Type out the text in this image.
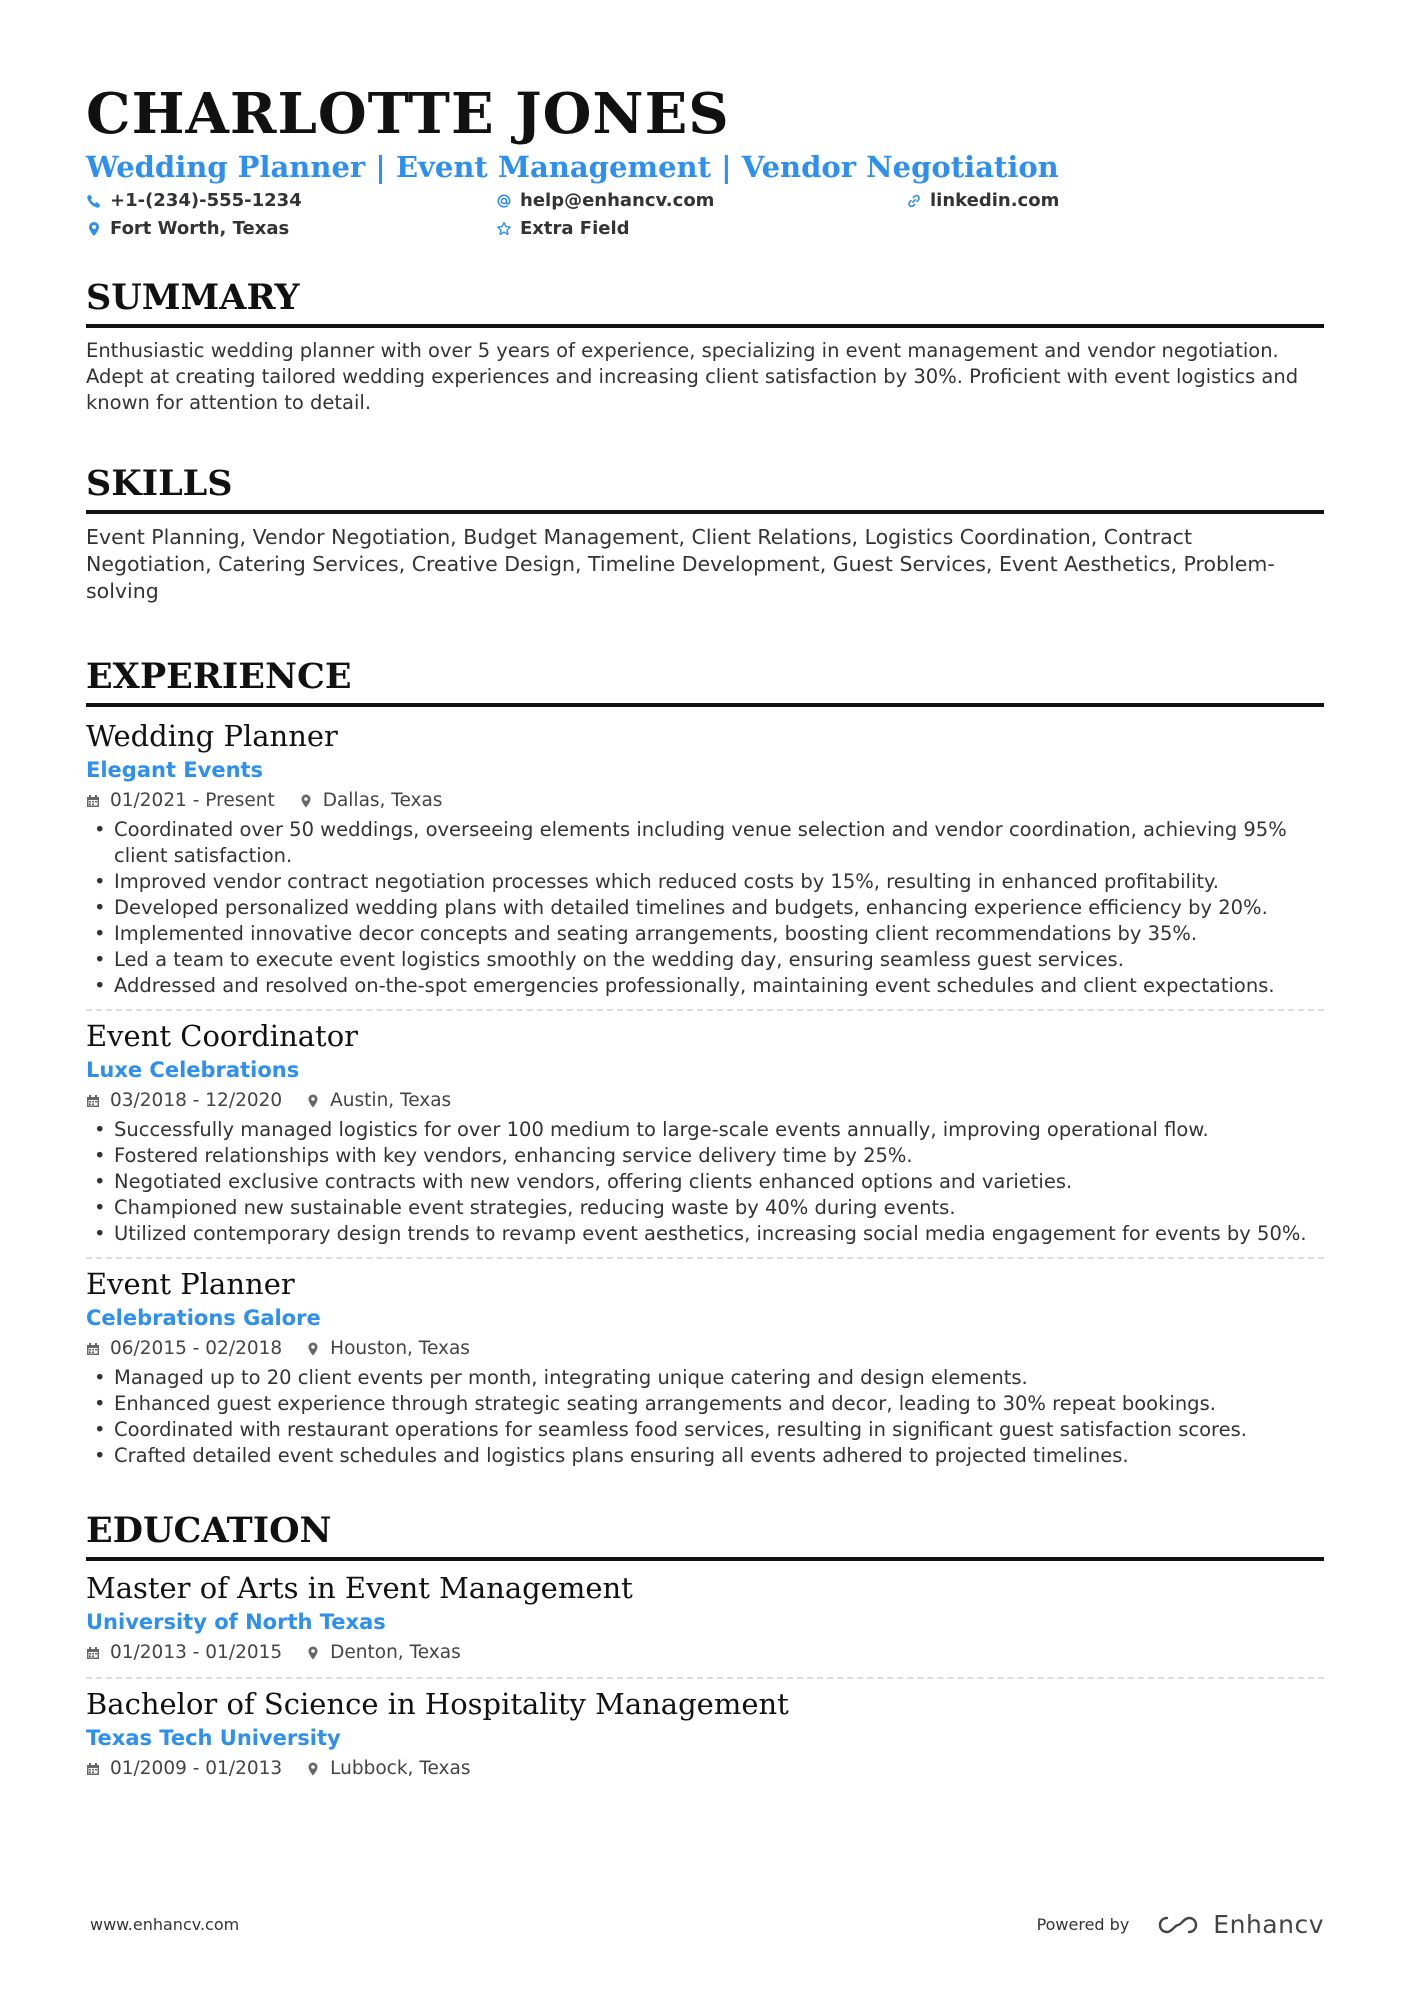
CHARLOTTE JONES
Wedding Planner | Event Management | Vendor Negotiation
+1-(234)-555-1234	help@enhancv.com	linkedin.com
Fort Worth, Texas	Extra Field
SUMMARY

Enthusiastic wedding planner with over 5 years of experience, specializing in event management and vendor negotiation. Adept at creating tailored wedding experiences and increasing client satisfaction by 30%. Proficient with event logistics and known for attention to detail.

SKILLS

Event Planning, Vendor Negotiation, Budget Management, Client Relations, Logistics Coordination, Contract Negotiation, Catering Services, Creative Design, Timeline Development, Guest Services, Event Aesthetics, Problem-solving

EXPERIENCE
Wedding Planner
Elegant Events
01/2021 - Present	Dallas, Texas
• Coordinated over 50 weddings, overseeing elements including venue selection and vendor coordination, achieving 95% client satisfaction.
• Improved vendor contract negotiation processes which reduced costs by 15%, resulting in enhanced profitability.
• Developed personalized wedding plans with detailed timelines and budgets, enhancing experience efficiency by 20%.
• Implemented innovative decor concepts and seating arrangements, boosting client recommendations by 35%.
• Led a team to execute event logistics smoothly on the wedding day, ensuring seamless guest services.
• Addressed and resolved on-the-spot emergencies professionally, maintaining event schedules and client expectations.
Event Coordinator
Luxe Celebrations
03/2018 - 12/2020	Austin, Texas
• Successfully managed logistics for over 100 medium to large-scale events annually, improving operational flow.
• Fostered relationships with key vendors, enhancing service delivery time by 25%.
• Negotiated exclusive contracts with new vendors, offering clients enhanced options and varieties.
• Championed new sustainable event strategies, reducing waste by 40% during events.
• Utilized contemporary design trends to revamp event aesthetics, increasing social media engagement for events by 50%.
Event Planner
Celebrations Galore
06/2015 - 02/2018	Houston, Texas
• Managed up to 20 client events per month, integrating unique catering and design elements.
• Enhanced guest experience through strategic seating arrangements and decor, leading to 30% repeat bookings.
• Coordinated with restaurant operations for seamless food services, resulting in significant guest satisfaction scores.
• Crafted detailed event schedules and logistics plans ensuring all events adhered to projected timelines.
EDUCATION
Master of Arts in Event Management
University of North Texas
01/2013 - 01/2015	Denton, Texas
Bachelor of Science in Hospitality Management
Texas Tech University
01/2009 - 01/2013	Lubbock, Texas
www.enhancv.com	Powered by	Enhancv
